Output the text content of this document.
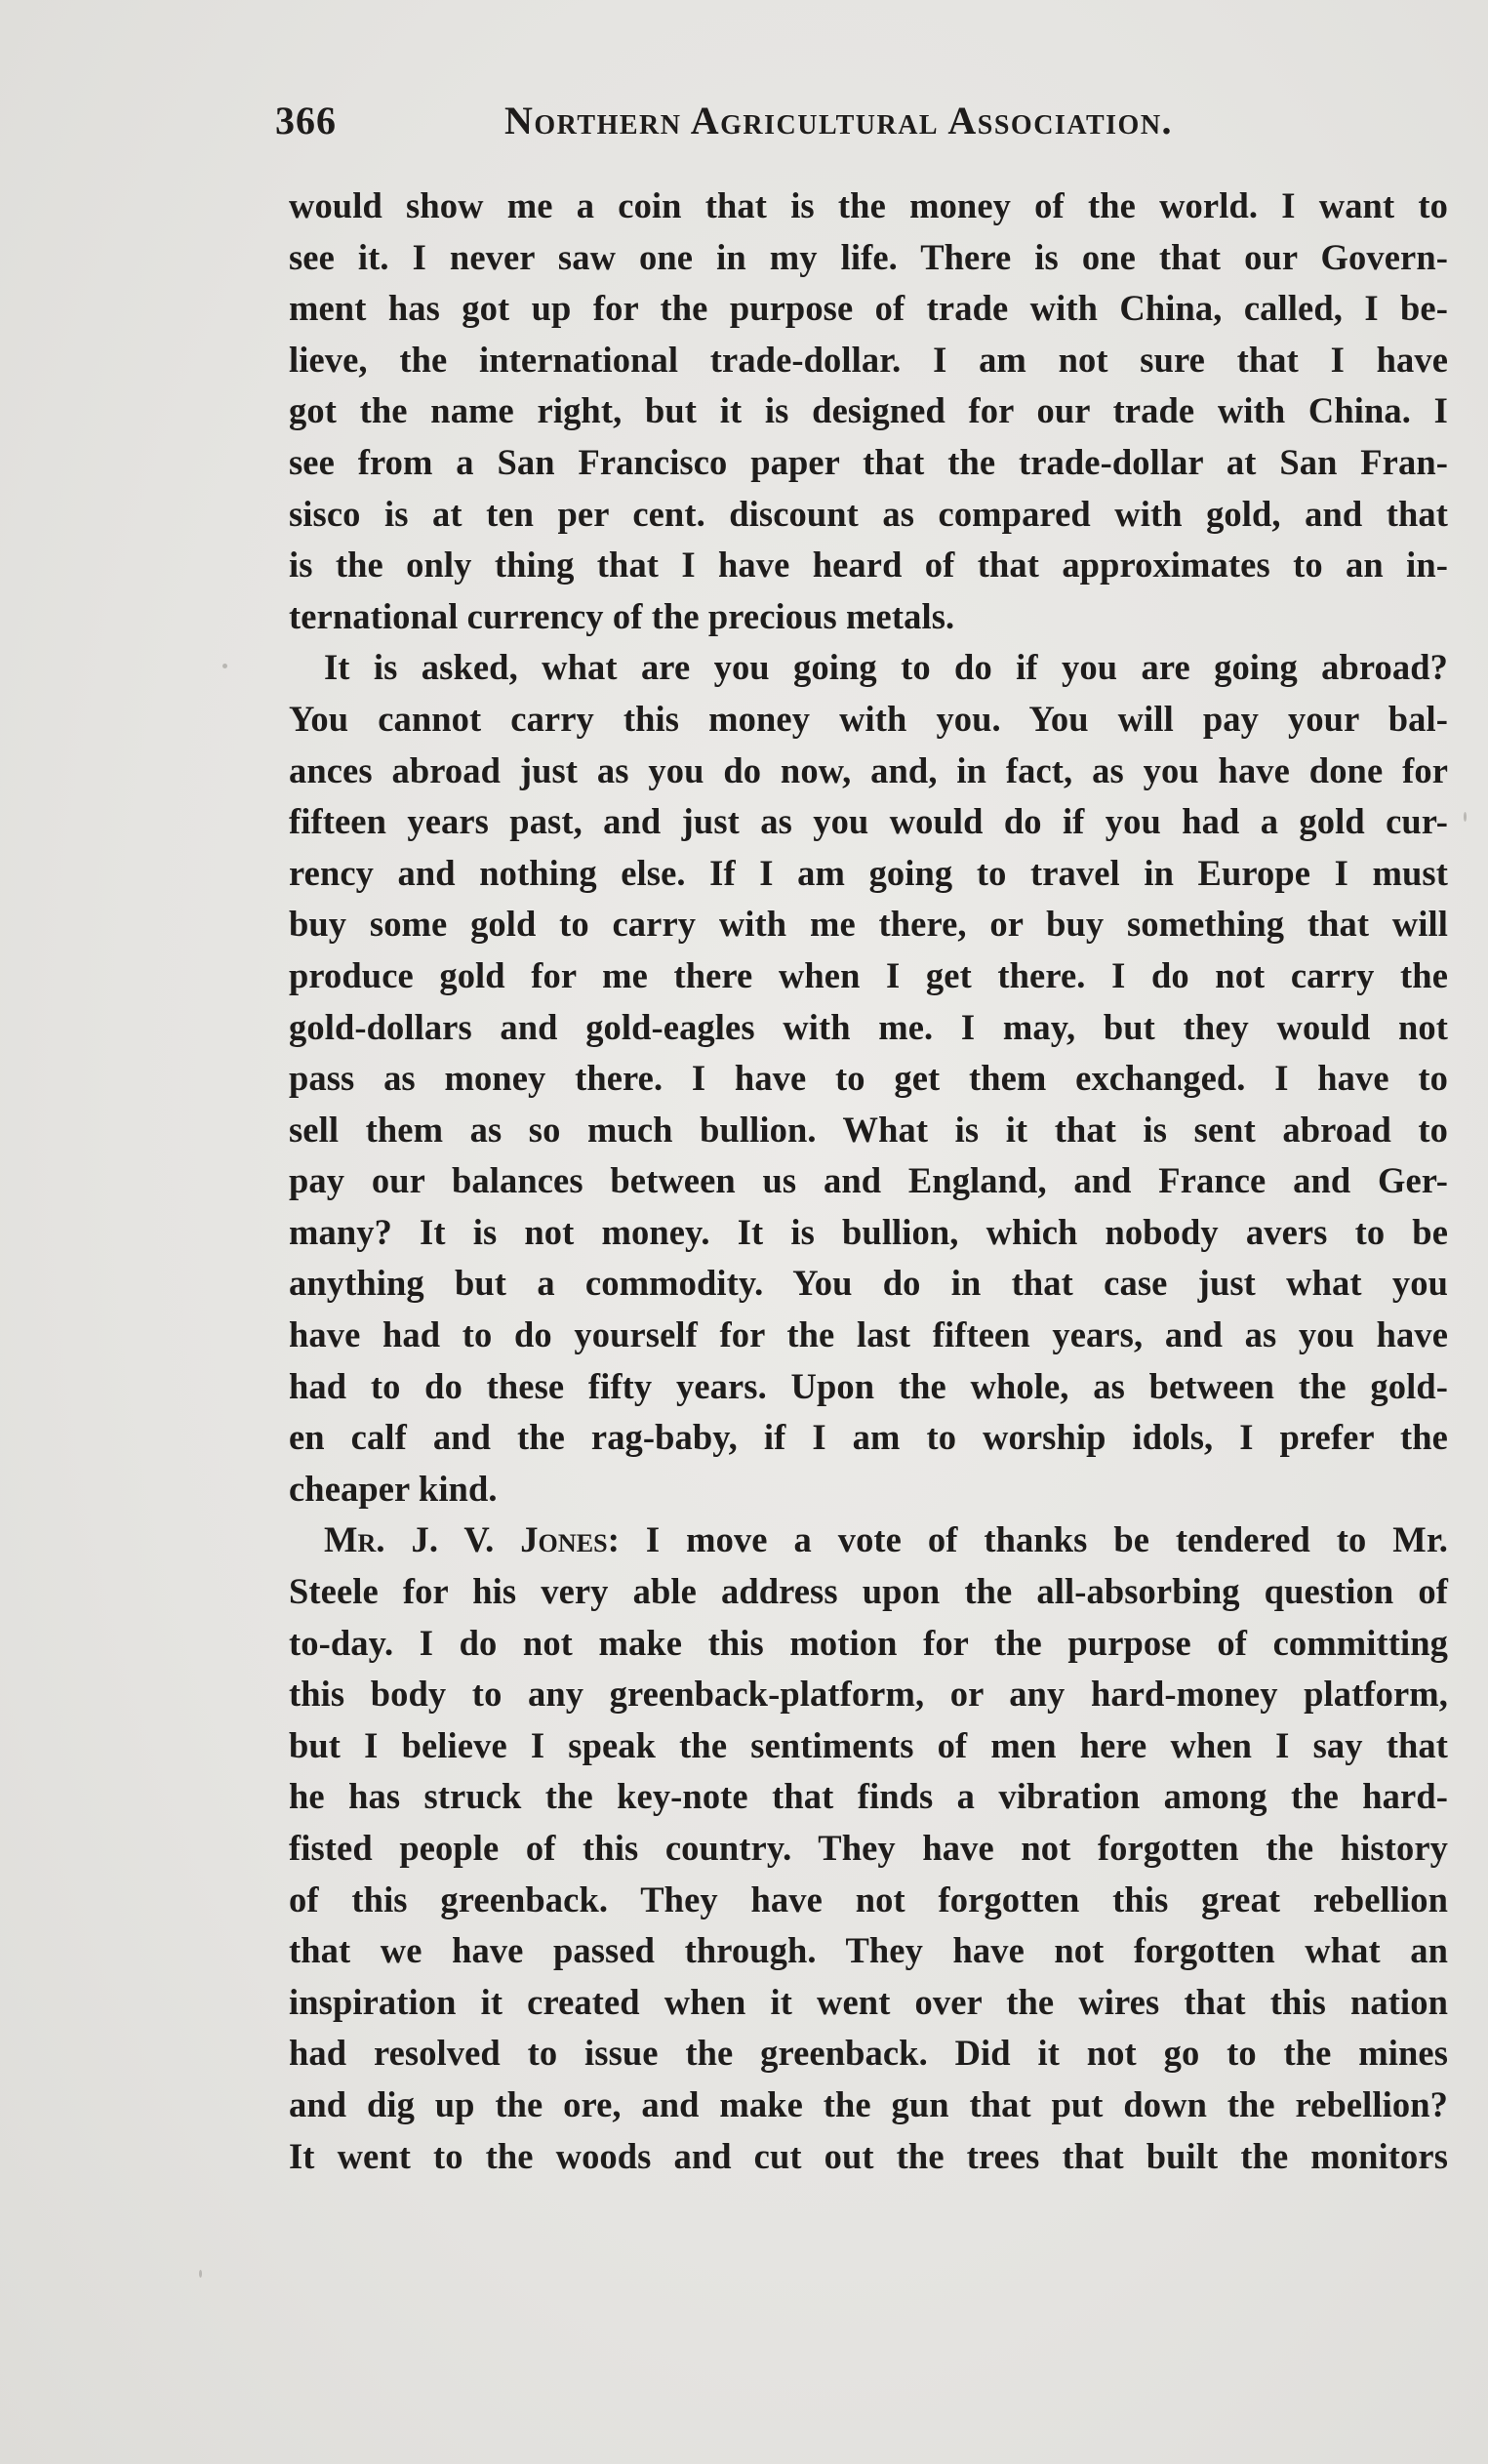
366	Northern Agricultural Association.
would show me a coin that is the money of the world. I want to
see it. I never saw one in my life. There is one that our Govern-
ment has got up for the purpose of trade with China, called, I be-
lieve, the international trade-dollar. I am not sure that I have
got the name right, but it is designed for our trade with China. I
see from a San Francisco paper that the trade-dollar at San Fran-
sisco is at ten per cent. discount as compared with gold, and that
is the only thing that I have heard of that approximates to an in-
ternational currency of the precious metals.
It is asked, what are you going to do if you are going abroad?
You cannot carry this money with you. You will pay your bal-
ances abroad just as you do now, and, in fact, as you have done for
fifteen years past, and just as you would do if you had a gold cur-
rency and nothing else. If I am going to travel in Europe I must
buy some gold to carry with me there, or buy something that will
produce gold for me there when I get there. I do not carry the
gold-dollars and gold-eagles with me. I may, but they would not
pass as money there. I have to get them exchanged. I have to
sell them as so much bullion. What is it that is sent abroad to
pay our balances between us and England, and France and Ger-
many? It is not money. It is bullion, which nobody avers to be
anything but a commodity. You do in that case just what you
have had to do yourself for the last fifteen years, and as you have
had to do these fifty years. Upon the whole, as between the gold-
en calf and the rag-baby, if I am to worship idols, I prefer the
cheaper kind.
Mr. J. V. Jones: I move a vote of thanks be tendered to Mr.
Steele for his very able address upon the all-absorbing question of
to-day. I do not make this motion for the purpose of committing
this body to any greenback-platform, or any hard-money platform,
but I believe I speak the sentiments of men here when I say that
he has struck the key-note that finds a vibration among the hard-
fisted people of this country. They have not forgotten the history
of this greenback. They have not forgotten this great rebellion
that we have passed through. They have not forgotten what an
inspiration it created when it went over the wires that this nation
had resolved to issue the greenback. Did it not go to the mines
and dig up the ore, and make the gun that put down the rebellion?
It went to the woods and cut out the trees that built the monitors
